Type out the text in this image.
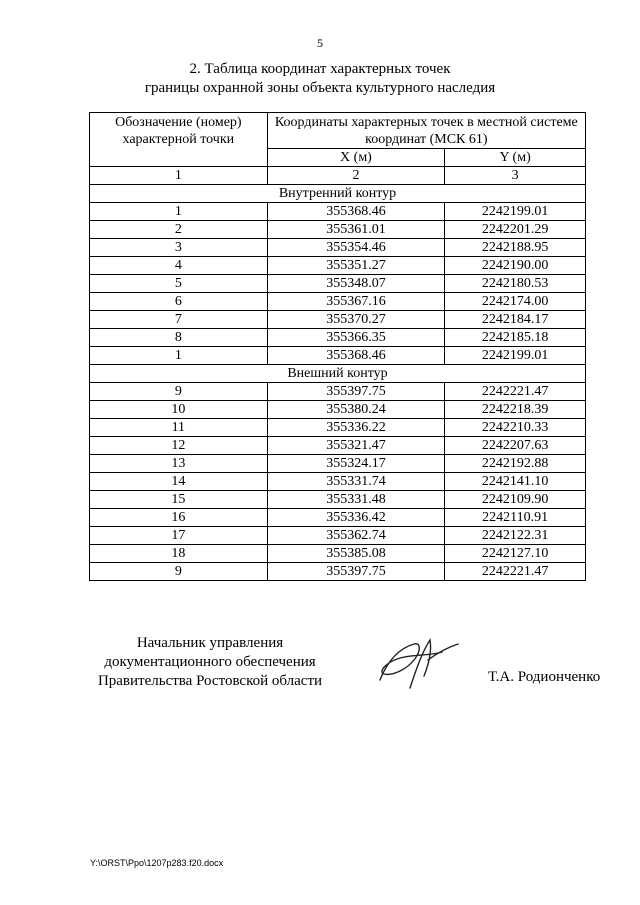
5
2. Таблица координат характерных точек
границы охранной зоны объекта культурного наследия
Обозначение (номер) характерной точки	Координаты характерных точек в местной системе координат (МСК 61)	
	X (м)	Y (м)
1	2	3
Внутренний контур		
1	355368.46	2242199.01
2	355361.01	2242201.29
3	355354.46	2242188.95
4	355351.27	2242190.00
5	355348.07	2242180.53
6	355367.16	2242174.00
7	355370.27	2242184.17
8	355366.35	2242185.18
1	355368.46	2242199.01
Внешний контур		
9	355397.75	2242221.47
10	355380.24	2242218.39
11	355336.22	2242210.33
12	355321.47	2242207.63
13	355324.17	2242192.88
14	355331.74	2242141.10
15	355331.48	2242109.90
16	355336.42	2242110.91
17	355362.74	2242122.31
18	355385.08	2242127.10
9	355397.75	2242221.47
Начальник управления
документационного обеспечения
Правительства Ростовской области	Т.А. Родионченко
Y:\ORST\Ppo\1207p283.f20.docx
